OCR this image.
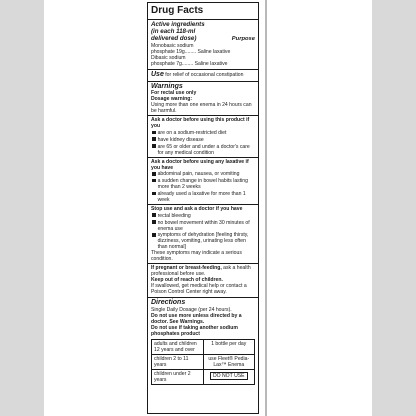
Drug Facts
Active ingredients
(in each 118-ml
delivered dose)	Purpose
Monobasic sodium
phosphate 19g........ Saline laxative
Dibasic sodium
phosphate 7g........ Saline laxative

Use for relief of occasional constipation

Warnings
For rectal use only
Dosage warning:
Using more than one enema in 24 hours can be harmful.
Ask a doctor before using this product if you
are on a sodium-restricted diet
have kidney disease
are 65 or older and under a doctor's care for any medical condition
Ask a doctor before using any laxative if you have
abdominal pain, nausea, or vomiting
a sudden change in bowel habits lasting more than 2 weeks
already used a laxative for more than 1 week
Stop use and ask a doctor if you have
rectal bleeding
no bowel movement within 30 minutes of enema use
symptoms of dehydration [feeling thirsty, dizziness, vomiting, urinating less often than normal]
These symptoms may indicate a serious condition.

If pregnant or breast-feeding, ask a health professional before use.

Keep out of reach of children.
If swallowed, get medical help or contact a Poison Control Center right away.
Directions
Single Daily Dosage (per 24 hours).
Do not use more unless directed by a doctor. See Warnings.
Do not use if taking another sodium phosphates product
adults and children 12 years and over
1 bottle per day
children 2 to 11 years
use Fleet® Pedia-Lax™ Enema
children under 2 years
DO NOT USE
